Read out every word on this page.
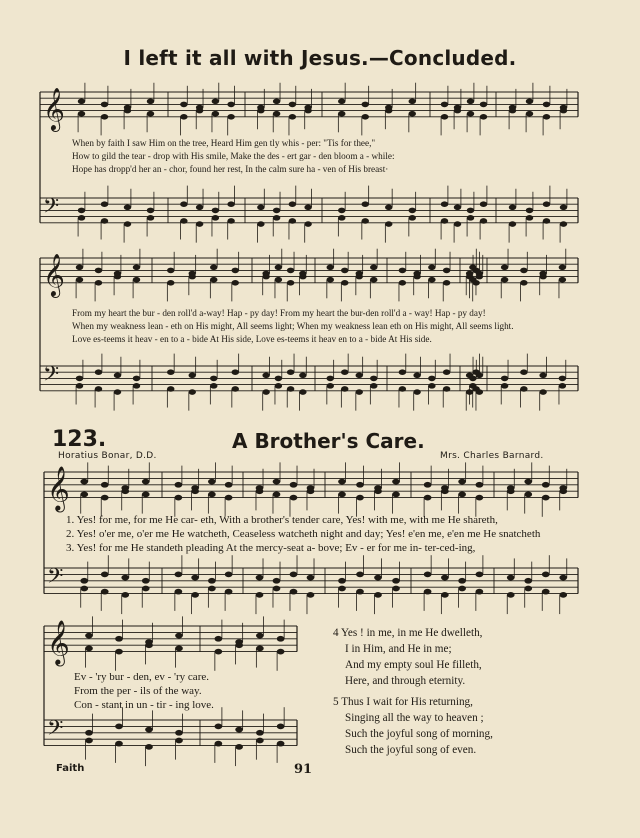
I left it all with Jesus.—Concluded.
123.	A Brother's Care.
Horatius Bonar, D.D.	Mrs. Charles Barnard.
𝄞
𝄢
𝄞
𝄢
𝄞
𝄢
𝄞
𝄢
When by faith I saw Him on the tree, Heard Him gen tly whis - per: "Tis for thee,"
How to gild the tear - drop with His smile, Make the des - ert gar - den bloom a - while:
Hope has dropp'd her an - chor, found her rest, In the calm sure ha - ven of His breast·
From my heart the bur - den roll'd a-way! Hap - py day! From my heart the bur-den roll'd a - way! Hap - py day!
When my weakness lean - eth on His might, All seems light; When my weakness lean eth on His might, All seems light.
Love es-teems it heav - en to a - bide At His side, Love es-teems it heav en to a - bide At His side.
1. Yes! for me, for me He car- eth, With a brother's tender care, Yes! with me, with me He shareth,
2. Yes! o'er me, o'er me He watcheth, Ceaseless watcheth night and day; Yes! e'en me, e'en me He snatcheth
3. Yes! for me He standeth pleading At the mercy-seat a- bove; Ev - er for me in- ter-ced-ing,
Ev - 'ry bur - den, ev - 'ry care.
From the per - ils of the way.
Con - stant in un - tir - ing love.
4 Yes ! in me, in me He dwelleth,
I in Him, and He in me;
And my empty soul He filleth,
Here, and through eternity.
5 Thus I wait for His returning,
Singing all the way to heaven ;
Such the joyful song of morning,
Such the joyful song of even.
Faith	91
